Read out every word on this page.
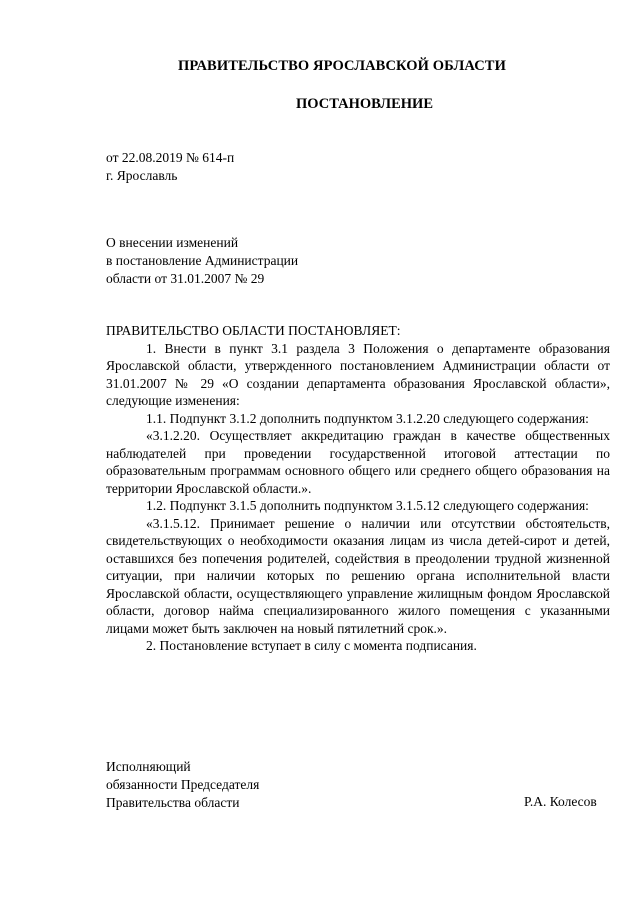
ПРАВИТЕЛЬСТВО ЯРОСЛАВСКОЙ ОБЛАСТИ
ПОСТАНОВЛЕНИЕ
от 22.08.2019 № 614-п
г. Ярославль
О внесении изменений
в постановление Администрации
области от 31.01.2007 № 29

ПРАВИТЕЛЬСТВО ОБЛАСТИ ПОСТАНОВЛЯЕТ:

1. Внести в пункт 3.1 раздела 3 Положения о департаменте образования Ярославской области, утвержденного постановлением Администрации области от 31.01.2007 № 29 «О создании департамента образования Ярославской области», следующие изменения:

1.1. Подпункт 3.1.2 дополнить подпунктом 3.1.2.20 следующего содержания:

«3.1.2.20. Осуществляет аккредитацию граждан в качестве общественных наблюдателей при проведении государственной итоговой аттестации по образовательным программам основного общего или среднего общего образования на территории Ярославской области.».

1.2. Подпункт 3.1.5 дополнить подпунктом 3.1.5.12 следующего содержания:

«3.1.5.12. Принимает решение о наличии или отсутствии обстоятельств, свидетельствующих о необходимости оказания лицам из числа детей-сирот и детей, оставшихся без попечения родителей, содействия в преодолении трудной жизненной ситуации, при наличии которых по решению органа исполнительной власти Ярославской области, осуществляющего управление жилищным фондом Ярославской области, договор найма специализированного жилого помещения с указанными лицами может быть заключен на новый пятилетний срок.».

2. Постановление вступает в силу с момента подписания.

Исполняющий
обязанности Председателя
Правительства области	Р.А. Колесов
